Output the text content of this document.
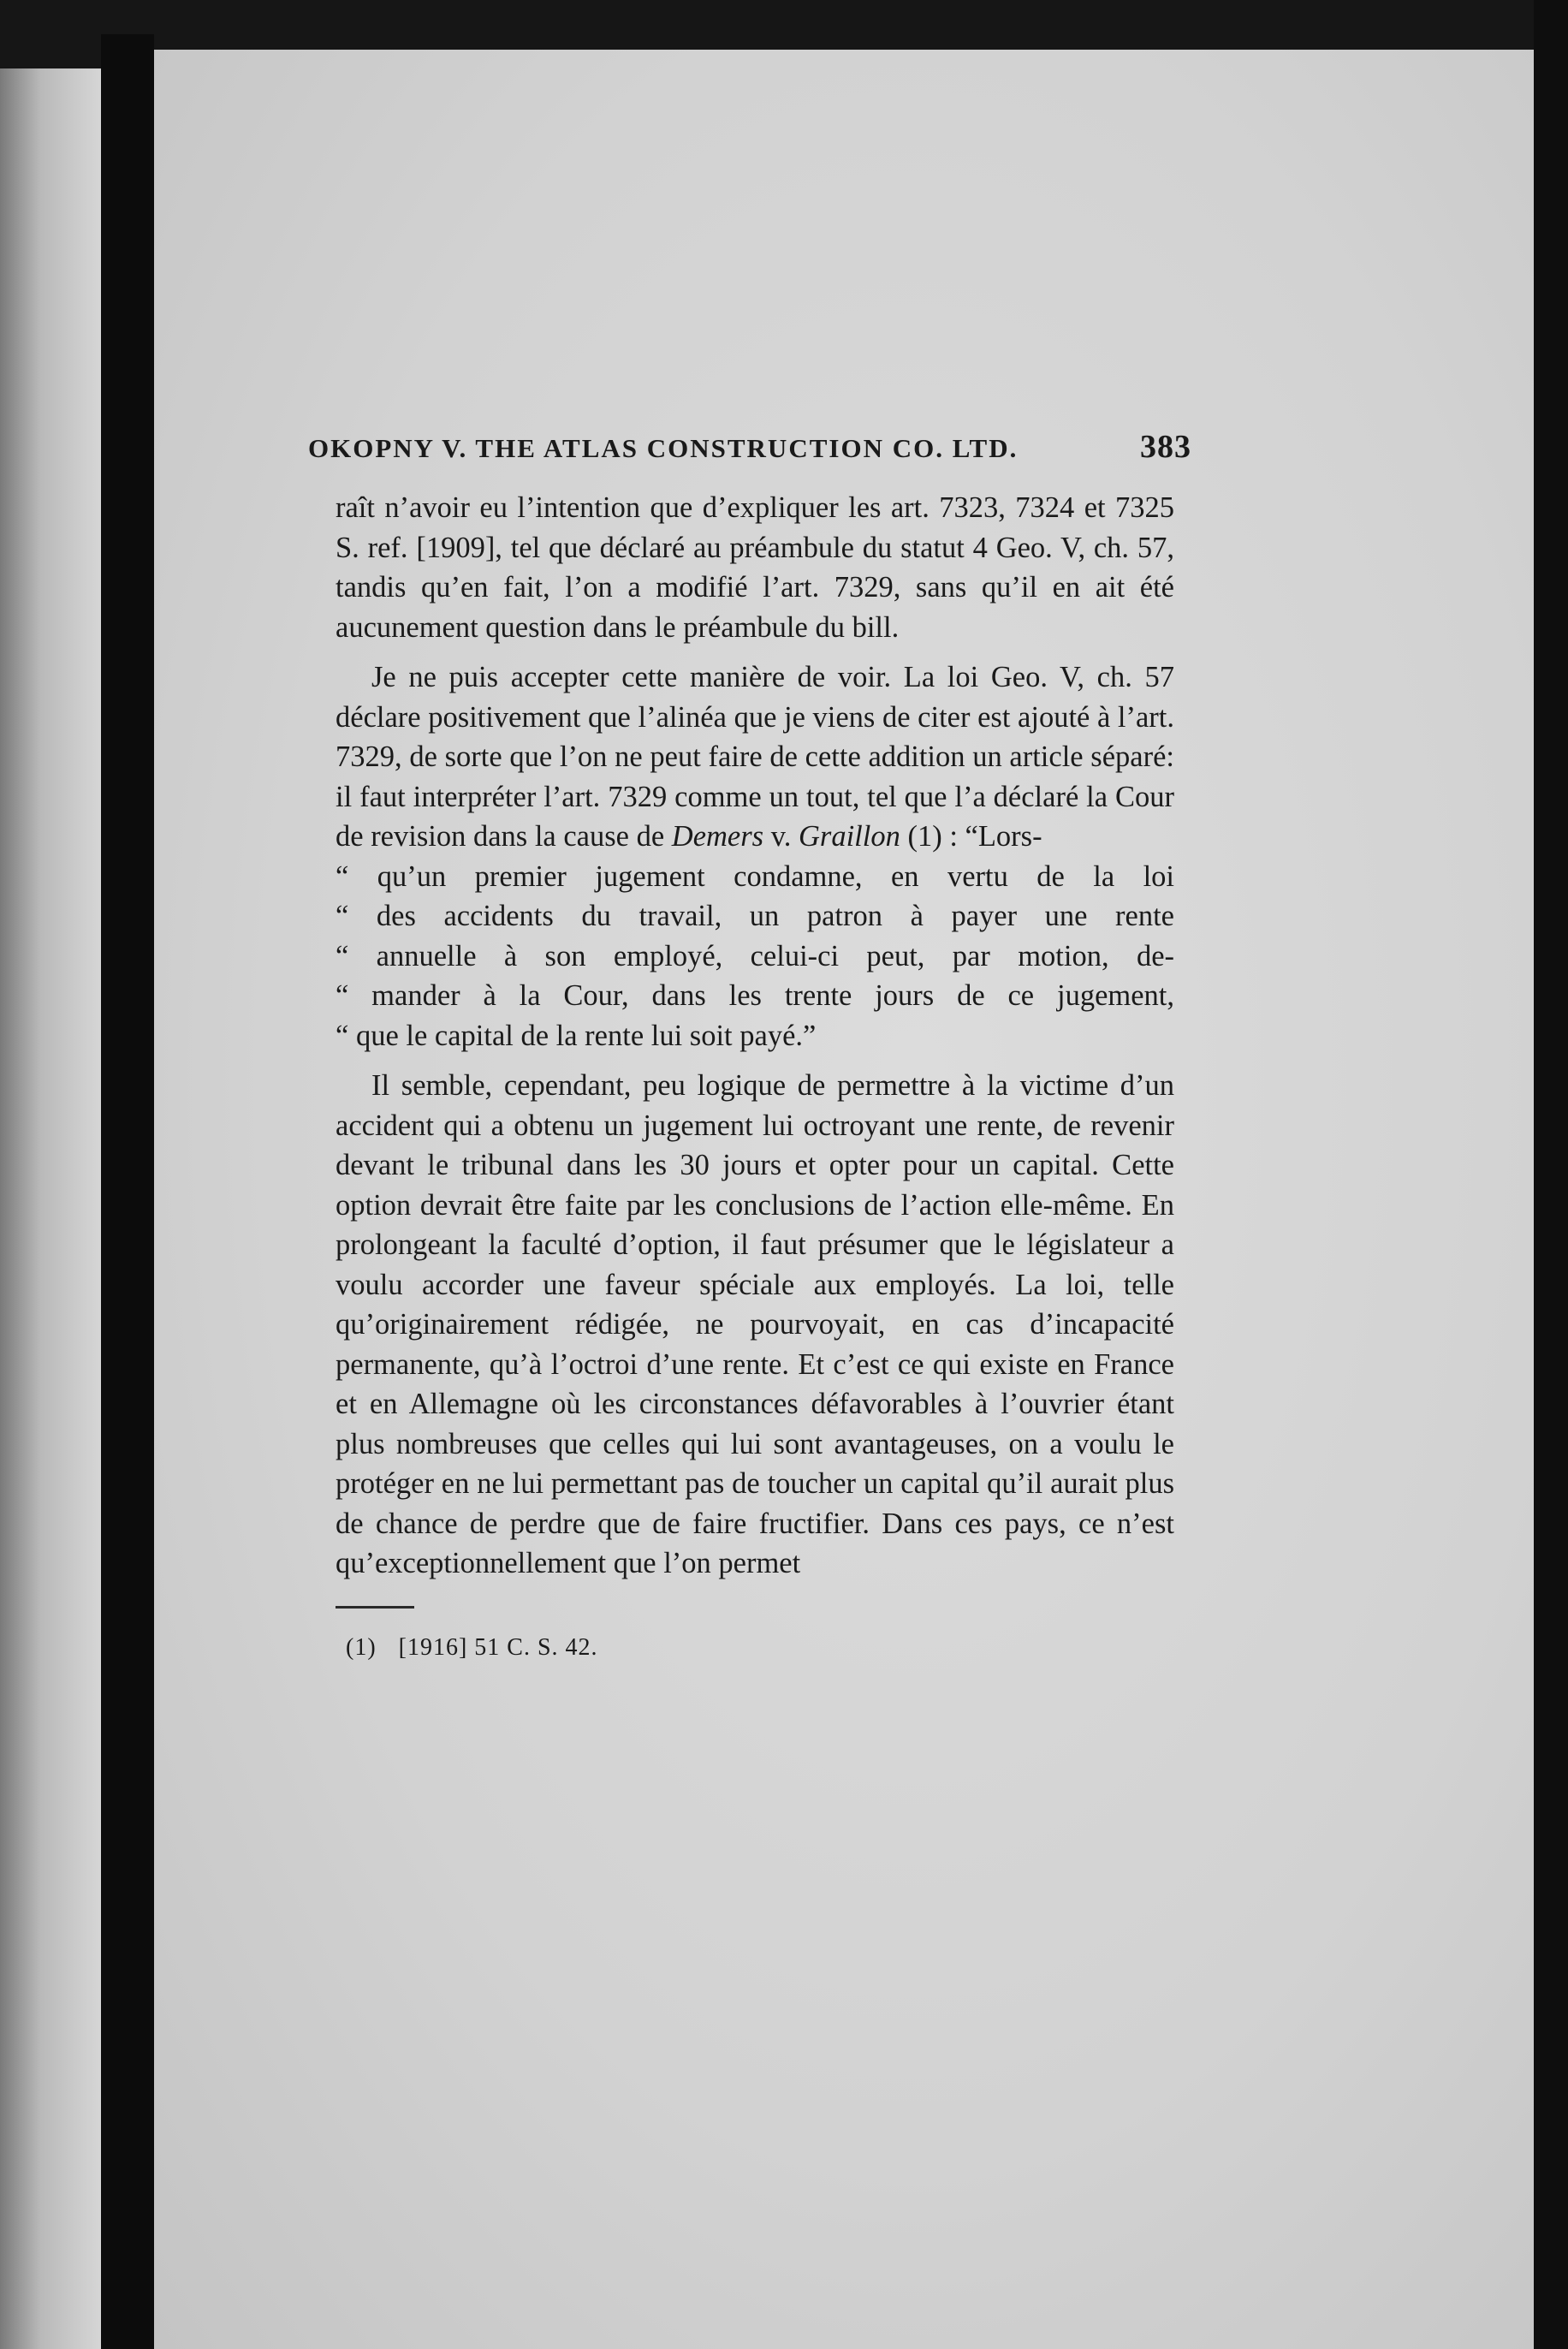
OKOPNY V. THE ATLAS CONSTRUCTION CO. LTD.	383

raît n’avoir eu l’intention que d’expliquer les art. 7323, 7324 et 7325 S. ref. [1909], tel que déclaré au préambule du statut 4 Geo. V, ch. 57, tandis qu’en fait, l’on a modifié l’art. 7329, sans qu’il en ait été aucunement question dans le préambule du bill.

Je ne puis accepter cette manière de voir. La loi Geo. V, ch. 57 déclare positivement que l’alinéa que je viens de citer est ajouté à l’art. 7329, de sorte que l’on ne peut faire de cette addition un article séparé: il faut interpréter l’art. 7329 comme un tout, tel que l’a déclaré la Cour de revision dans la cause de Demers v. Graillon (1) : “Lors-

“ qu’un premier jugement condamne, en vertu de la loi
“ des accidents du travail, un patron à payer une rente
“ annuelle à son employé, celui-ci peut, par motion, de-
“ mander à la Cour, dans les trente jours de ce jugement,
“ que le capital de la rente lui soit payé.”

Il semble, cependant, peu logique de permettre à la victime d’un accident qui a obtenu un jugement lui octroyant une rente, de revenir devant le tribunal dans les 30 jours et opter pour un capital. Cette option devrait être faite par les conclusions de l’action elle-même. En prolongeant la faculté d’option, il faut présumer que le législateur a voulu accorder une faveur spéciale aux employés. La loi, telle qu’originairement rédigée, ne pourvoyait, en cas d’incapacité permanente, qu’à l’octroi d’une rente. Et c’est ce qui existe en France et en Allemagne où les circonstances défavorables à l’ouvrier étant plus nombreuses que celles qui lui sont avantageuses, on a voulu le protéger en ne lui permettant pas de toucher un capital qu’il aurait plus de chance de perdre que de faire fructifier. Dans ces pays, ce n’est qu’exceptionnellement que l’on permet

(1) [1916] 51 C. S. 42.
